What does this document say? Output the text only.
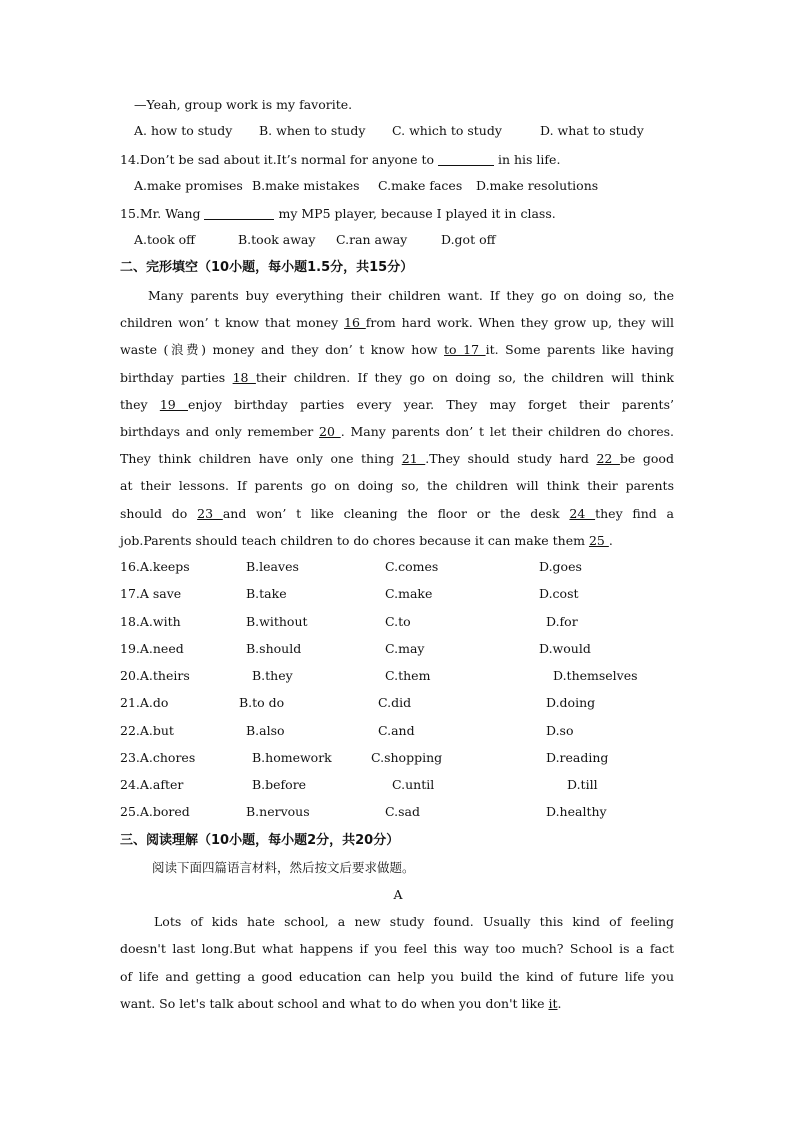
—Yeah, group work is my favorite.
A. how to study B. when to study C. which to study	D. what to study
14.Don’t be sad about it.It’s normal for anyone to	in his life.
A.make promises B.make mistakes C.make faces D.make resolutions
15.Mr. Wang	my MP5 player, because I played it in class.
A.took off	B.took away C.ran away	D.got off
二、完形填空（10小题，每小题1.5分，共15分）
Many parents buy everything their children want. If they go on doing so, the
children won’ t know that money 16 from hard work. When they grow up, they will
waste (浪费) money and they don’ t know how to 17 it. Some parents like having
birthday parties 18 their children. If they go on doing so, the children will think
they 19 enjoy birthday parties every year. They may forget their parents’
birthdays and only remember 20 . Many parents don’ t let their children do chores.
They think children have only one thing 21 .They should study hard 22 be good
at their lessons. If parents go on doing so, the children will think their parents
should do 23 and won’ t like cleaning the floor or the desk 24 they find a
job.Parents should teach children to do chores because it can make them 25 .
16.A.keeps	B.leaves	C.comes	D.goes
17.A save	B.take	C.make	D.cost
18.A.with	B.without	C.to	D.for
19.A.need	B.should	C.may	D.would
20.A.theirs	B.they	C.them	D.themselves
21.A.do	B.to do	C.did	D.doing
22.A.but	B.also	C.and	D.so
23.A.chores	B.homework	C.shopping	D.reading
24.A.after	B.before	C.until	D.till
25.A.bored	B.nervous	C.sad	D.healthy
三、阅读理解（10小题，每小题2分，共20分）
阅读下面四篇语言材料，然后按文后要求做题。
A
Lots of kids hate school, a new study found. Usually this kind of feeling
doesn't last long.But what happens if you feel this way too much? School is a fact
of life and getting a good education can help you build the kind of future life you
want. So let's talk about school and what to do when you don't like it.
